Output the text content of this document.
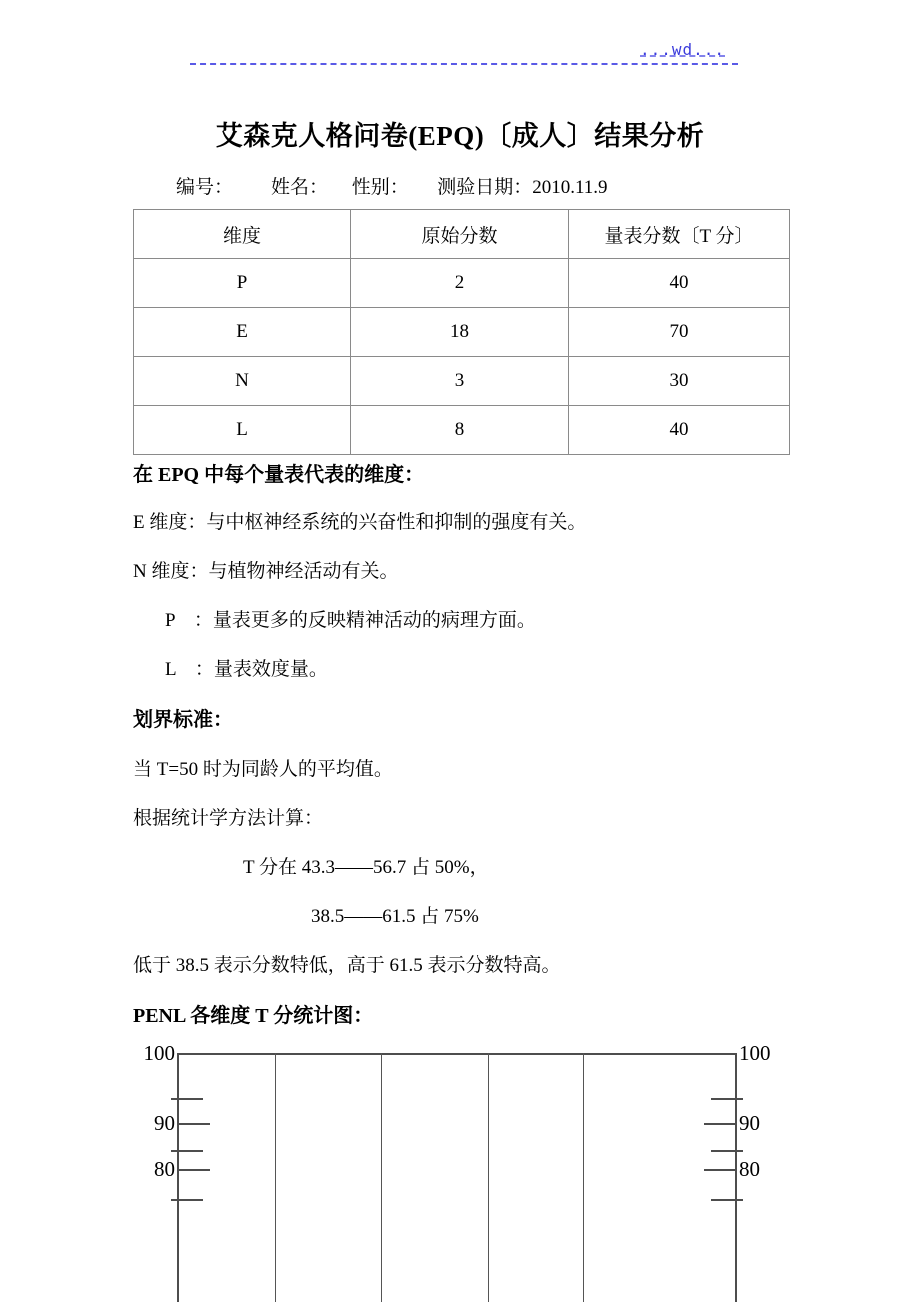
...wd...
艾森克人格问卷(EPQ)〔成人〕结果分析
编号：        姓名：     性别：      测验日期：2010.11.9
维度	原始分数	量表分数〔T 分〕
P	2	40
E	18	70
N	3	30
L	8	40

在 EPQ 中每个量表代表的维度：

E 维度：与中枢神经系统的兴奋性和抑制的强度有关。

N 维度：与植物神经活动有关。

P    ：量表更多的反映精神活动的病理方面。

L    ：量表效度量。

划界标准：

当 T=50 时为同龄人的平均值。

根据统计学方法计算：

T 分在 43.3——56.7 占 50%，

38.5——61.5 占 75%

低于 38.5 表示分数特低，高于 61.5 表示分数特高。

PENL 各维度 T 分统计图：

100
90
80
100
90
80
